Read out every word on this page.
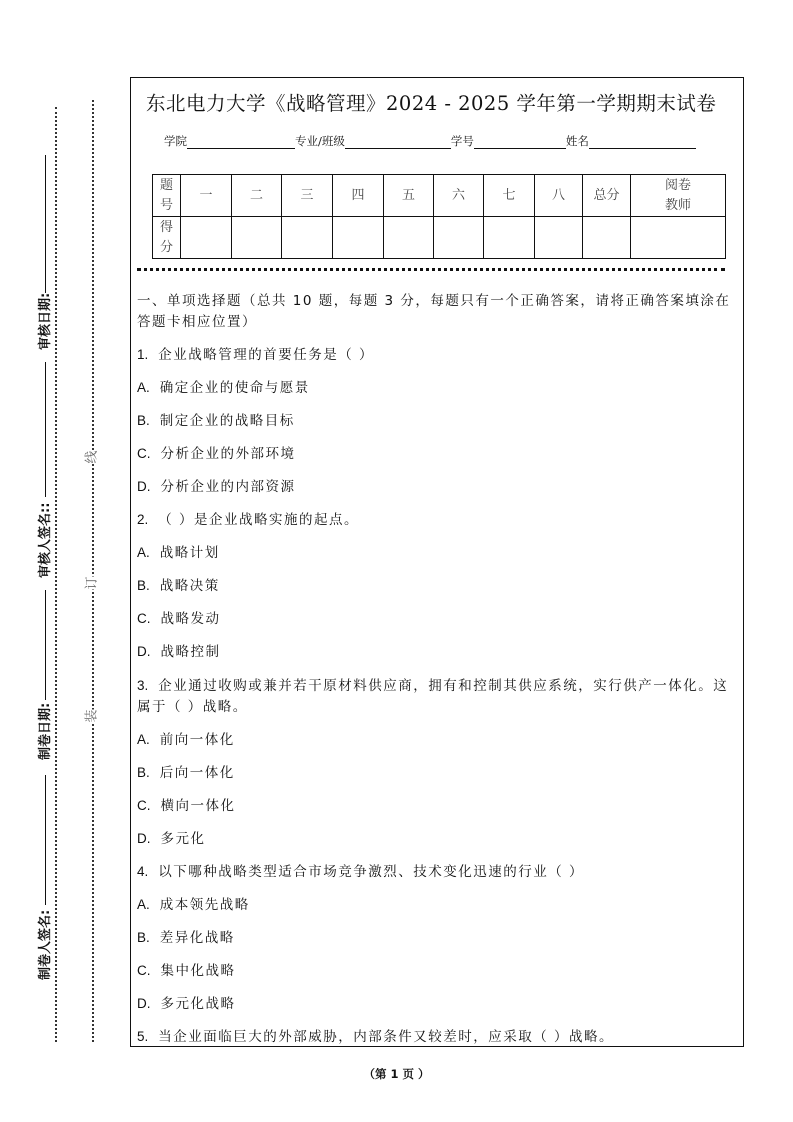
线
订
装
审核日期:
审核人签名::
制卷日期:
制卷人签名:
东北电力大学《战略管理》2024 - 2025 学年第一学期期末试卷
学院	专业/班级	学号	姓名
题
号	一	二	三	四	五	六	七	八	总分	阅卷
教师
得
分										
一、单项选择题（总共 10 题，每题 3 分，每题只有一个正确答案，请将正确答案填涂在答题卡相应位置）
1. 企业战略管理的首要任务是（ ）
A. 确定企业的使命与愿景
B. 制定企业的战略目标
C. 分析企业的外部环境
D. 分析企业的内部资源
2. （ ）是企业战略实施的起点。
A. 战略计划
B. 战略决策
C. 战略发动
D. 战略控制
3. 企业通过收购或兼并若干原材料供应商，拥有和控制其供应系统，实行供产一体化。这属于（ ）战略。
A. 前向一体化
B. 后向一体化
C. 横向一体化
D. 多元化
4. 以下哪种战略类型适合市场竞争激烈、技术变化迅速的行业（ ）
A. 成本领先战略
B. 差异化战略
C. 集中化战略
D. 多元化战略
5. 当企业面临巨大的外部威胁，内部条件又较差时，应采取（ ）战略。
（第 1 页 ）
